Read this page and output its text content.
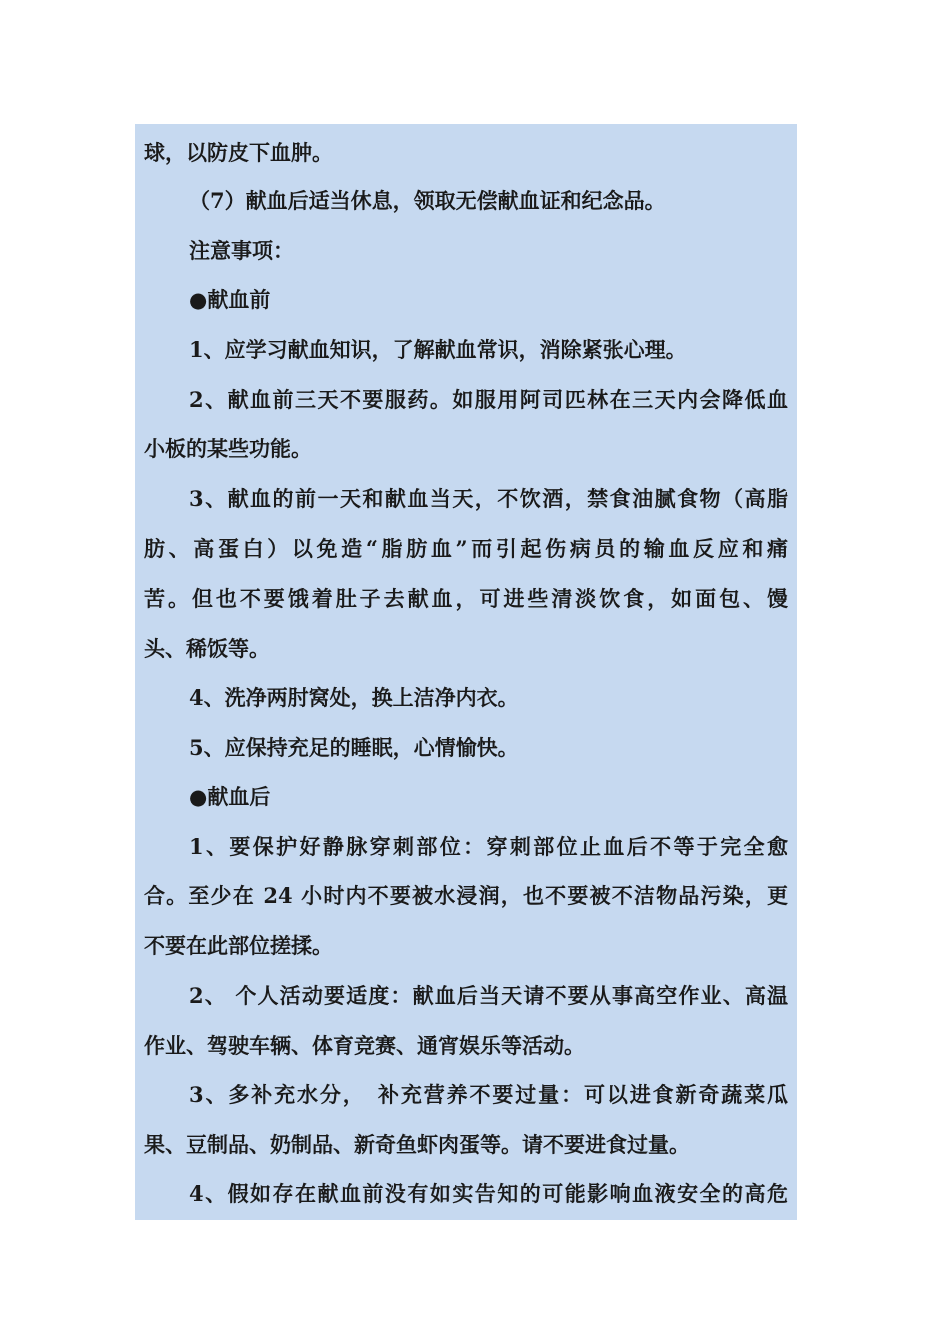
球，以防皮下血肿。
（7）献血后适当休息，领取无偿献血证和纪念品。
注意事项：
●献血前
1、应学习献血知识，了解献血常识，消除紧张心理。
2、献血前三天不要服药。如服用阿司匹林在三天内会降低血
小板的某些功能。
3、献血的前一天和献血当天，不饮酒，禁食油腻食物（高脂
肪、高蛋白）以免造“脂肪血”而引起伤病员的输血反应和痛
苦。但也不要饿着肚子去献血，可进些清淡饮食，如面包、馒
头、稀饭等。
4、洗净两肘窝处，换上洁净内衣。
5、应保持充足的睡眠，心情愉快。
●献血后
1、要保护好静脉穿刺部位：穿刺部位止血后不等于完全愈
合。至少在 24 小时内不要被水浸润，也不要被不洁物品污染，更
不要在此部位搓揉。
2、 个人活动要适度：献血后当天请不要从事高空作业、高温
作业、驾驶车辆、体育竞赛、通宵娱乐等活动。
3、多补充水分，　补充营养不要过量：可以进食新奇蔬菜瓜
果、豆制品、奶制品、新奇鱼虾肉蛋等。请不要进食过量。
4、假如存在献血前没有如实告知的可能影响血液安全的高危
